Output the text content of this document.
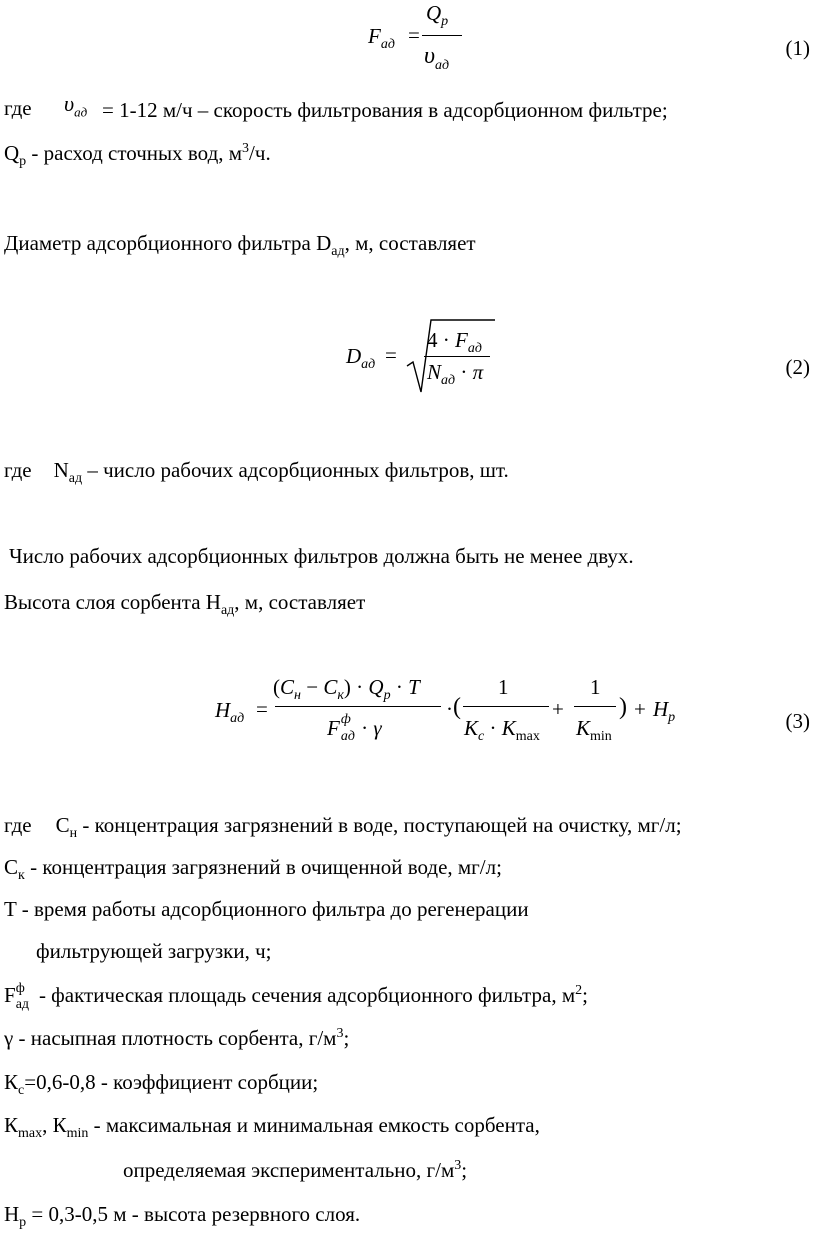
$F_{ад}$ =
$Q_р$
$\upsilon_{ад}$
(1)
где $\upsilon_{ад} = 1-12$ м/ч – скорость фильтрования в адсорбционном фильтре;
$Q_р$ - расход сточных вод, $м^3/ч$.
Диаметр адсорбционного фильтра $D_{ад}$, м, составляет
$D_{ад}$ =
$4 \cdot F_{ад}$
$N_{ад} \cdot \pi$	(2)
где $N_{ад}$ – число рабочих адсорбционных фильтров, шт.
Число рабочих адсорбционных фильтров должна быть не менее двух.
Высота слоя сорбента $H_{ад}$, м, составляет
$H_{ад}$ =
$(C_н - C_к) \cdot Q_р \cdot T$
F ф
ад · γ
· (
1
$K_c \cdot K_{max}$
+
1
$K_{min}$
) + $H_р$	(3)
где $C_н$ - концентрация загрязнений в воде, поступающей на очистку, мг/л;
$C_к$ - концентрация загрязнений в очищенной воде, мг/л;
T - время работы адсорбционного фильтра до регенерации
фильтрующей загрузки, ч;
F ф
ад - фактическая площадь сечения адсорбционного фильтра, $м^2$;
γ - насыпная плотность сорбента, $г/м^3$;
$К_с=0,6-0,8$ - коэффициент сорбции;
$К_{max}$, $К_{min}$ - максимальная и минимальная емкость сорбента,
определяемая экспериментально, $г/м^3$;
$Н_р = 0,3-0,5$ м - высота резервного слоя.
